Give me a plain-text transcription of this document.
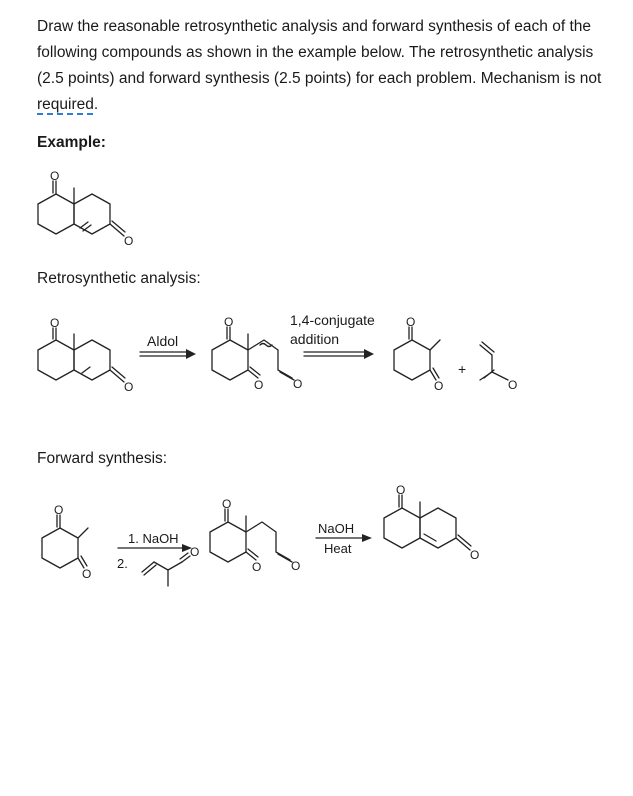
Draw the reasonable retrosynthetic analysis and forward synthesis of each of the following compounds as shown in the example below. The retrosynthetic analysis (2.5 points) and forward synthesis (2.5 points) for each problem. Mechanism is not required.

Example:

O
O
O
O
Aldol
O
O
O
1,4-conjugate
addition
O
O
+
O
O
O
1. NaOH
2.
O
O
O
O
NaOH
Heat
O
O

Retrosynthetic analysis:

Forward synthesis:
